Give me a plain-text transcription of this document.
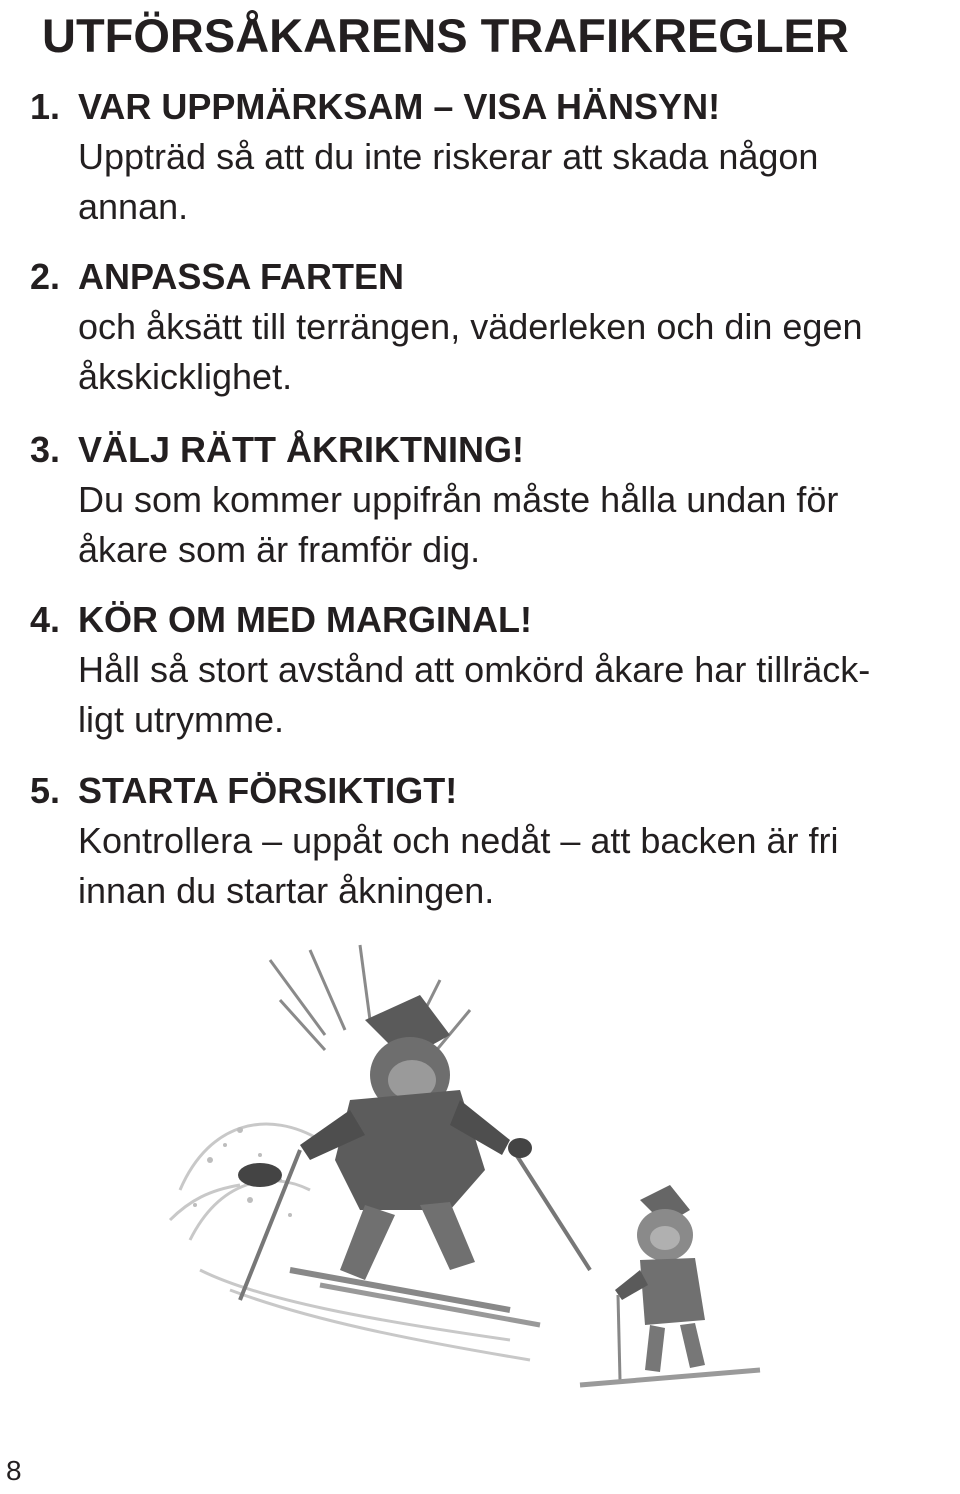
UTFÖRSÅKARENS TRAFIKREGLER
1. VAR UPPMÄRKSAM – VISA HÄNSYN!
Uppträd så att du inte riskerar att skada någon
annan.
2. ANPASSA FARTEN
och åksätt till terrängen, väderleken och din egen
åkskicklighet.
3. VÄLJ RÄTT ÅKRIKTNING!
Du som kommer uppifrån måste hålla undan för
åkare som är framför dig.
4. KÖR OM MED MARGINAL!
Håll så stort avstånd att omkörd åkare har tillräck-
ligt utrymme.
5. STARTA FÖRSIKTIGT!
Kontrollera – uppåt och nedåt – att backen är fri
innan du startar åkningen.
8
